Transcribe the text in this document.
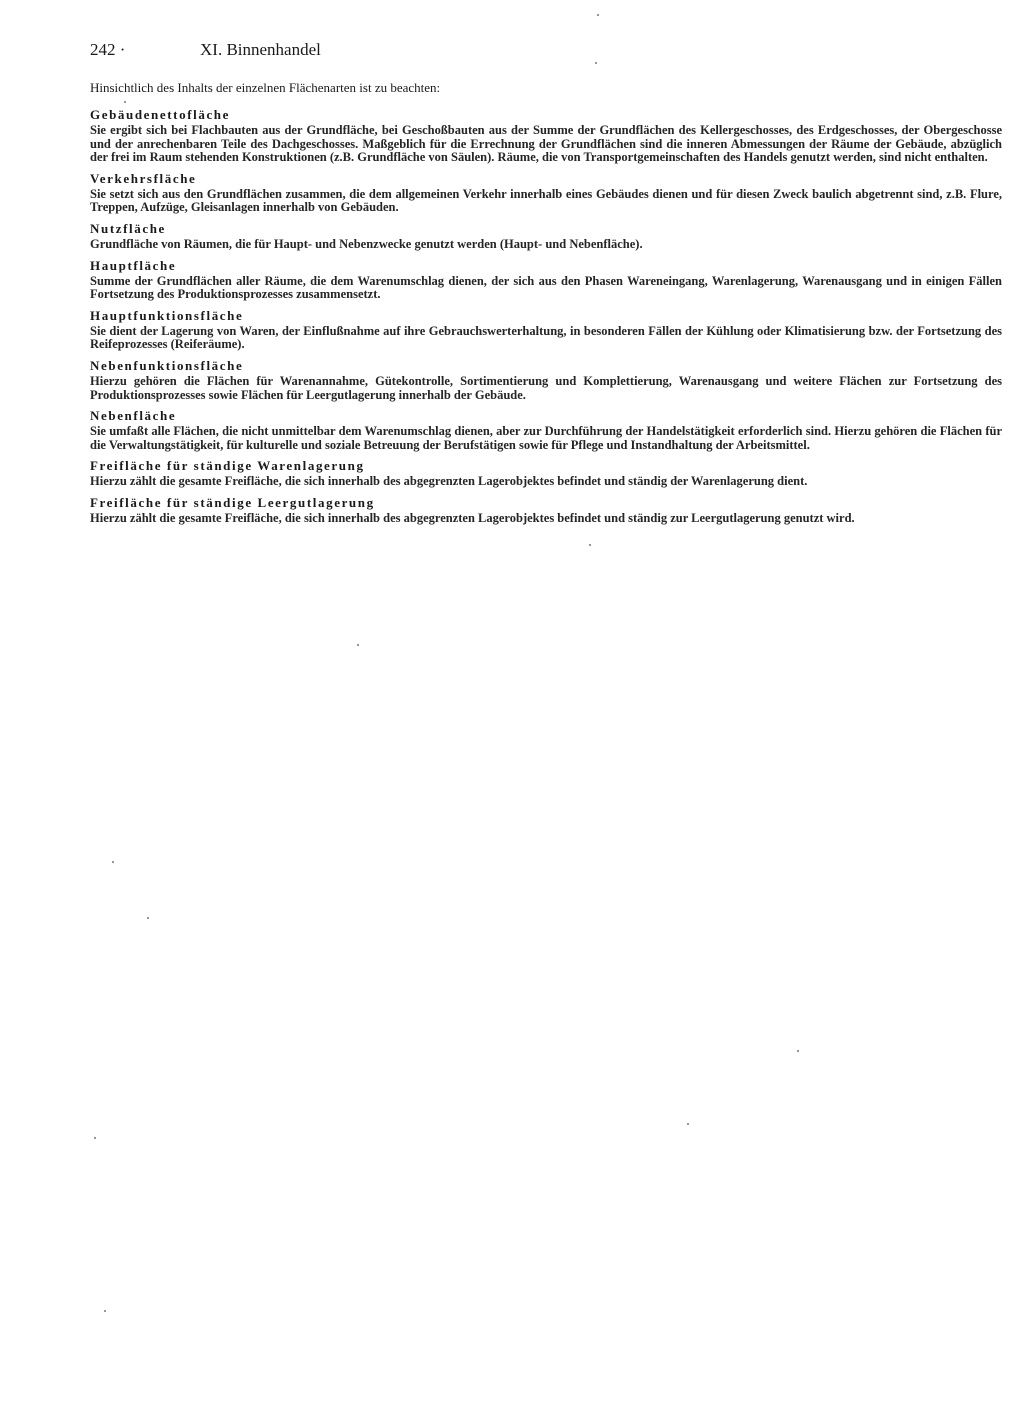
242 ·	XI. Binnenhandel

Hinsichtlich des Inhalts der einzelnen Flächenarten ist zu beachten:

Gebäudenettofläche

Sie ergibt sich bei Flachbauten aus der Grundfläche, bei Geschoßbauten aus der Summe der Grundflächen des Kellergeschosses, des Erdgeschosses, der Obergeschosse und der anrechenbaren Teile des Dachgeschosses. Maßgeblich für die Errechnung der Grundflächen sind die inneren Abmessungen der Räume der Gebäude, abzüglich der frei im Raum stehenden Konstruktionen (z.B. Grundfläche von Säulen). Räume, die von Transportgemeinschaften des Handels genutzt werden, sind nicht enthalten.

Verkehrsfläche

Sie setzt sich aus den Grundflächen zusammen, die dem allgemeinen Verkehr innerhalb eines Gebäudes dienen und für diesen Zweck baulich abgetrennt sind, z.B. Flure, Treppen, Aufzüge, Gleisanlagen innerhalb von Gebäuden.

Nutzfläche

Grundfläche von Räumen, die für Haupt- und Nebenzwecke genutzt werden (Haupt- und Nebenfläche).

Hauptfläche

Summe der Grundflächen aller Räume, die dem Warenumschlag dienen, der sich aus den Phasen Wareneingang, Warenlagerung, Warenausgang und in einigen Fällen Fortsetzung des Produktionsprozesses zusammensetzt.

Hauptfunktionsfläche

Sie dient der Lagerung von Waren, der Einflußnahme auf ihre Gebrauchswerterhaltung, in besonderen Fällen der Kühlung oder Klimatisierung bzw. der Fortsetzung des Reifeprozesses (Reiferäume).

Nebenfunktionsfläche

Hierzu gehören die Flächen für Warenannahme, Gütekontrolle, Sortimentierung und Komplettierung, Warenausgang und weitere Flächen zur Fortsetzung des Produktionsprozesses sowie Flächen für Leergutlagerung innerhalb der Gebäude.

Nebenfläche

Sie umfaßt alle Flächen, die nicht unmittelbar dem Warenumschlag dienen, aber zur Durchführung der Handelstätigkeit erforderlich sind. Hierzu gehören die Flächen für die Verwaltungstätigkeit, für kulturelle und soziale Betreuung der Berufstätigen sowie für Pflege und Instandhaltung der Arbeitsmittel.

Freifläche für ständige Warenlagerung

Hierzu zählt die gesamte Freifläche, die sich innerhalb des abgegrenzten Lagerobjektes befindet und ständig der Warenlagerung dient.

Freifläche für ständige Leergutlagerung

Hierzu zählt die gesamte Freifläche, die sich innerhalb des abgegrenzten Lagerobjektes befindet und ständig zur Leergutlagerung genutzt wird.
